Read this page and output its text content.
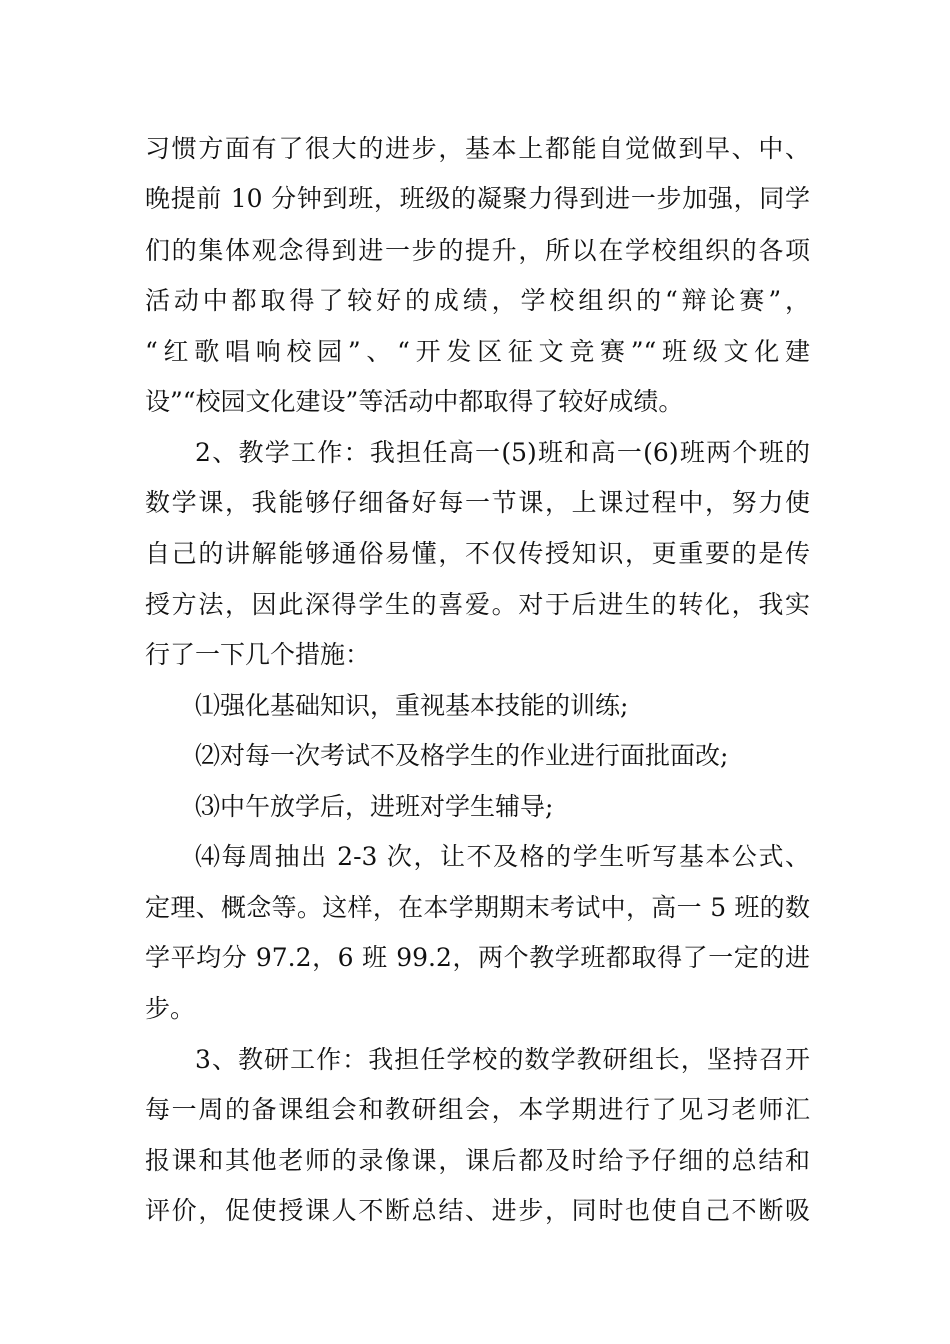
习惯方面有了很大的进步，基本上都能自觉做到早、中、

晚提前 10 分钟到班，班级的凝聚力得到进一步加强，同学

们的集体观念得到进一步的提升，所以在学校组织的各项

活动中都取得了较好的成绩，学校组织的“辩论赛”，

“红歌唱响校园”、“开发区征文竞赛”“班级文化建

设”“校园文化建设”等活动中都取得了较好成绩。

2、教学工作：我担任高一(5)班和高一(6)班两个班的

数学课，我能够仔细备好每一节课，上课过程中，努力使

自己的讲解能够通俗易懂，不仅传授知识，更重要的是传

授方法，因此深得学生的喜爱。对于后进生的转化，我实

行了一下几个措施：

⑴强化基础知识，重视基本技能的训练;

⑵对每一次考试不及格学生的作业进行面批面改;

⑶中午放学后，进班对学生辅导;

⑷每周抽出 2-3 次，让不及格的学生听写基本公式、

定理、概念等。这样，在本学期期末考试中，高一 5 班的数

学平均分 97.2，6 班 99.2，两个教学班都取得了一定的进

步。

3、教研工作：我担任学校的数学教研组长，坚持召开

每一周的备课组会和教研组会，本学期进行了见习老师汇

报课和其他老师的录像课，课后都及时给予仔细的总结和

评价，促使授课人不断总结、进步，同时也使自己不断吸
